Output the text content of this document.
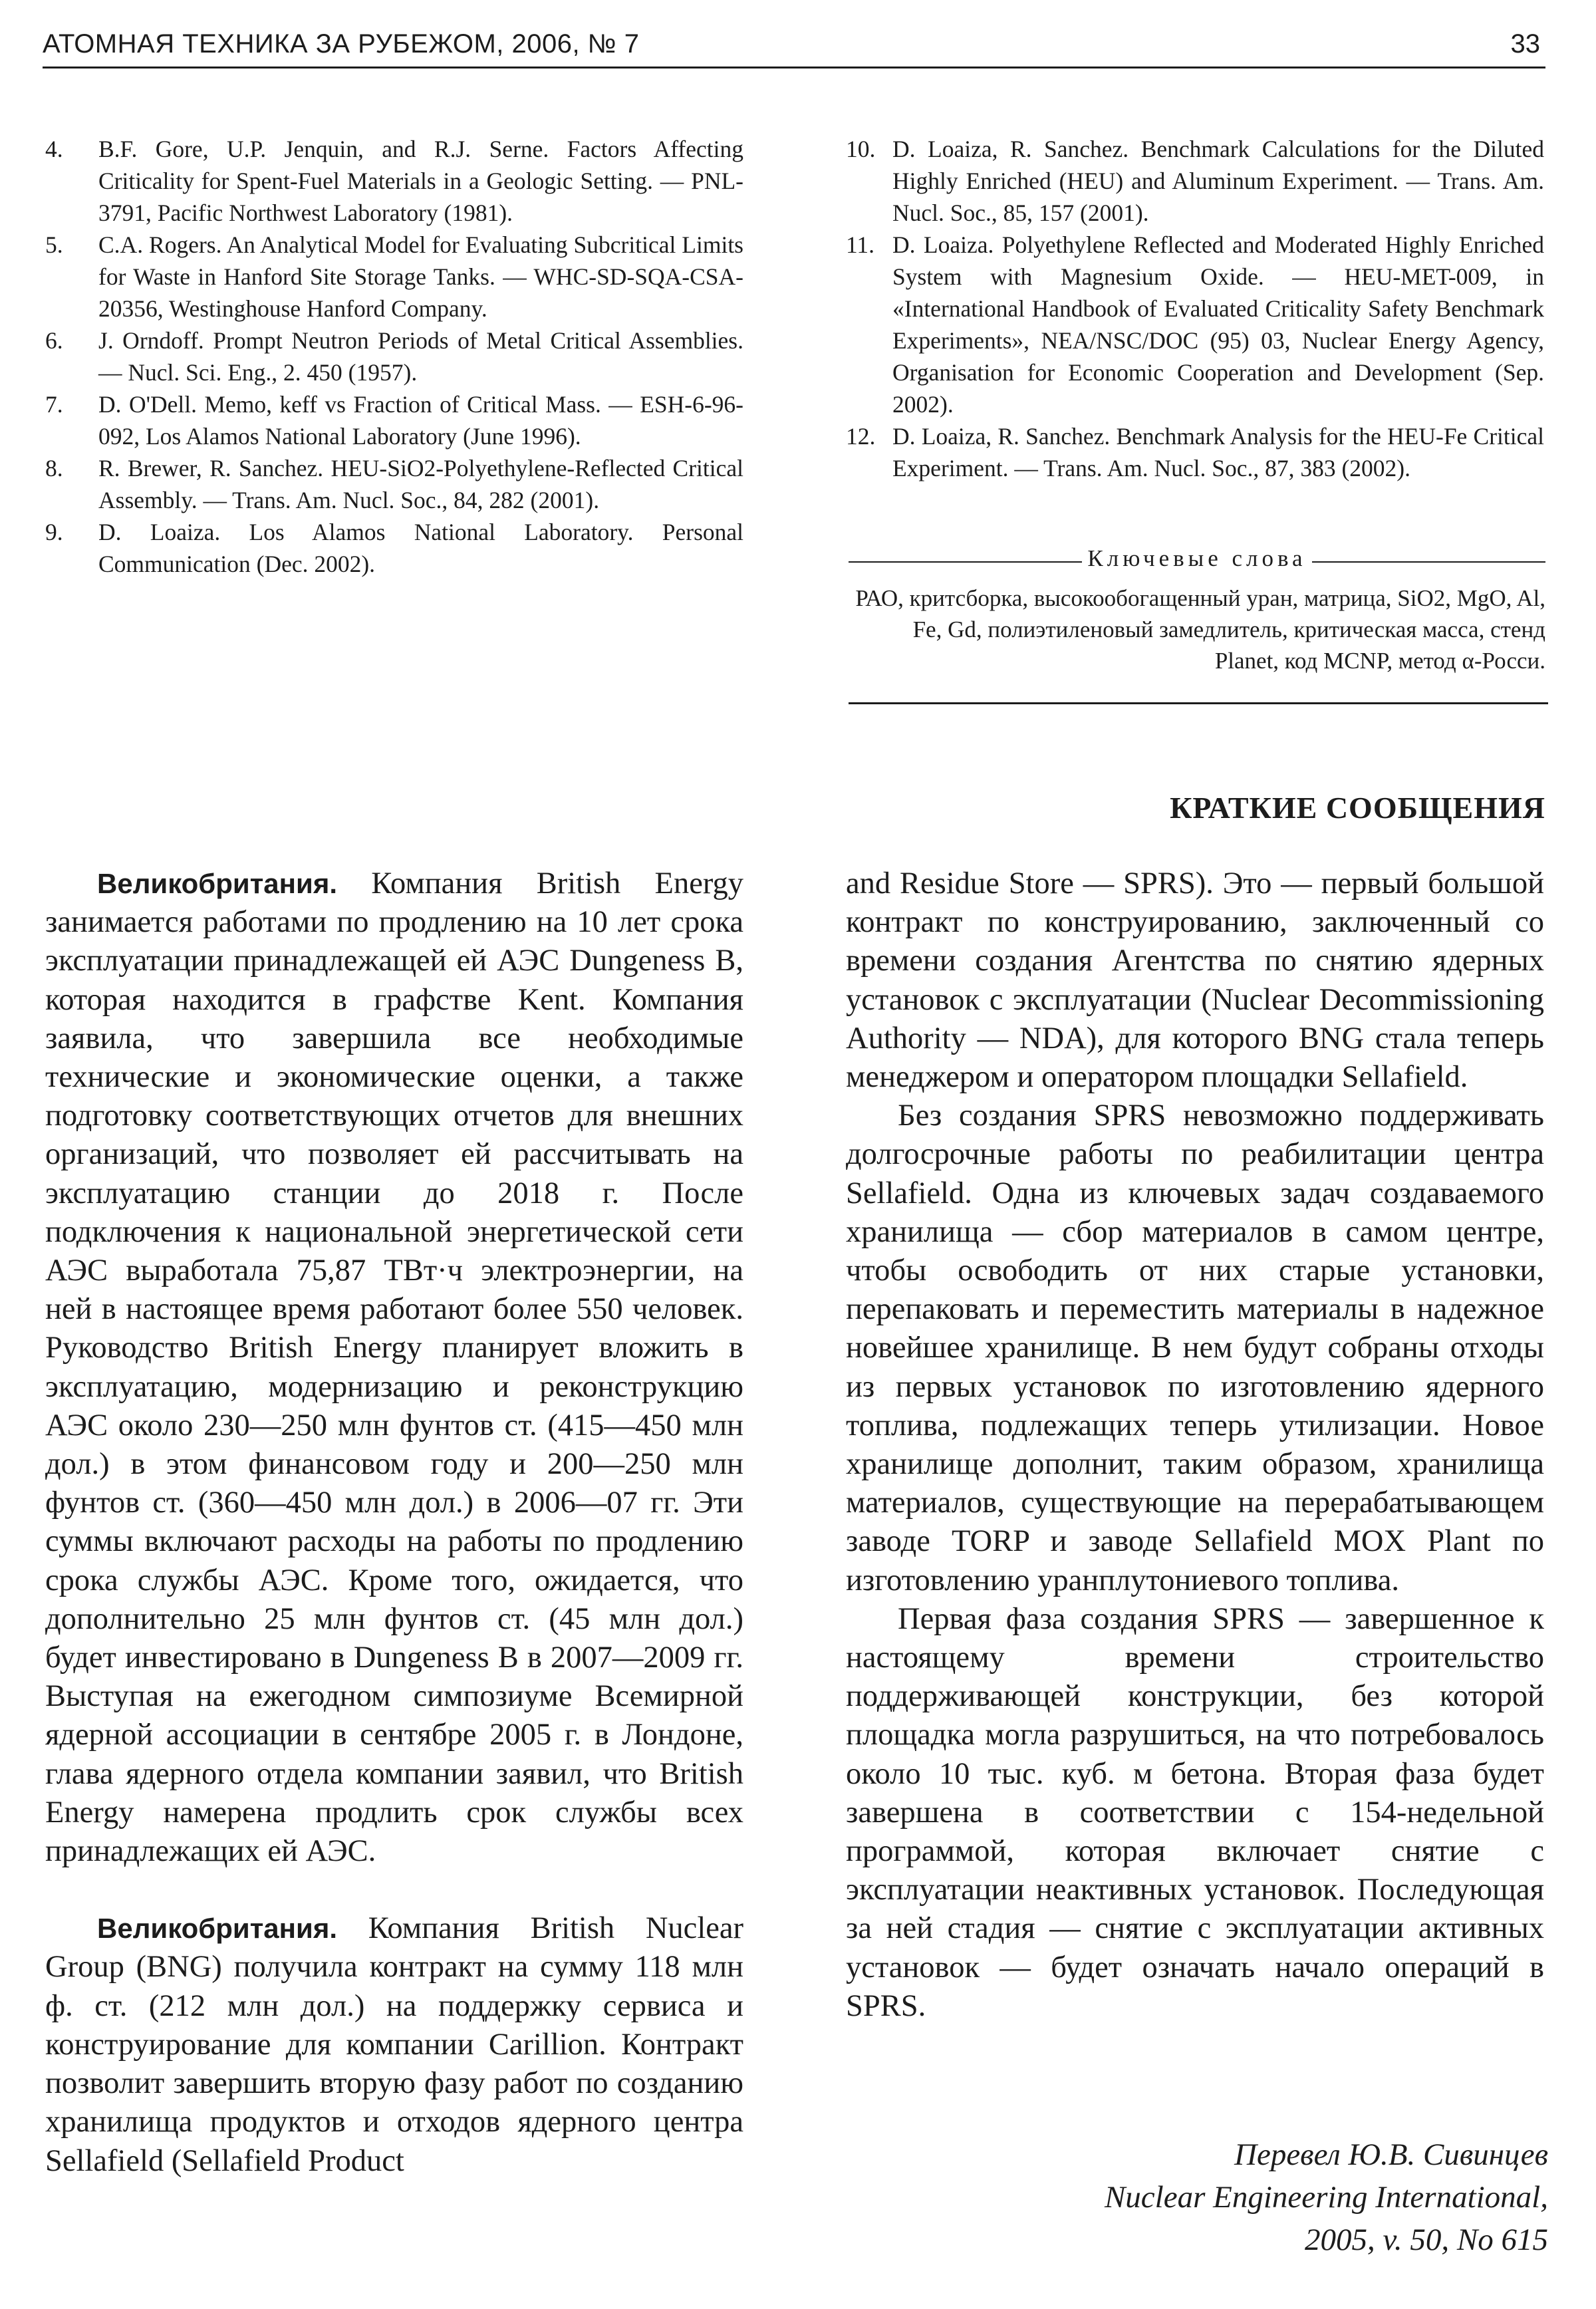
АТОМНАЯ ТЕХНИКА ЗА РУБЕЖОМ, 2006, № 7	33
4.	B.F. Gore, U.P. Jenquin, and R.J. Serne. Factors Affecting Criticality for Spent-Fuel Materials in a Geologic Setting. — PNL-3791, Pacific Northwest Laboratory (1981).
5.	C.A. Rogers. An Analytical Model for Evaluating Subcritical Limits for Waste in Hanford Site Storage Tanks. — WHC-SD-SQA-CSA-20356, Westinghouse Hanford Company.
6.	J. Orndoff. Prompt Neutron Periods of Metal Critical Assemblies. — Nucl. Sci. Eng., 2. 450 (1957).
7.	D. O'Dell. Memo, keff vs Fraction of Critical Mass. — ESH-6-96-092, Los Alamos National Laboratory (June 1996).
8.	R. Brewer, R. Sanchez. HEU-SiO2-Polyethylene-Reflected Critical Assembly. — Trans. Am. Nucl. Soc., 84, 282 (2001).
9.	D. Loaiza. Los Alamos National Laboratory. Personal Communication (Dec. 2002).
10. D. Loaiza, R. Sanchez. Benchmark Calculations for the Diluted Highly Enriched (HEU) and Aluminum Experiment. — Trans. Am. Nucl. Soc., 85, 157 (2001).
11. D. Loaiza. Polyethylene Reflected and Moderated Highly Enriched System with Magnesium Oxide. — HEU-MET-009, in «International Handbook of Evaluated Criticality Safety Benchmark Experiments», NEA/NSC/DOC (95) 03, Nuclear Energy Agency, Organisation for Economic Cooperation and Development (Sep. 2002).
12. D. Loaiza, R. Sanchez. Benchmark Analysis for the HEU-Fe Critical Experiment. — Trans. Am. Nucl. Soc., 87, 383 (2002).
Ключевые слова
РАО, критсборка, высокообогащенный уран, матрица, SiO2, MgO, Al, Fe, Gd, полиэтиленовый замедлитель, критическая масса, стенд Planet, код MCNP, метод α-Росси.
КРАТКИЕ СООБЩЕНИЯ

Великобритания. Компания British Energy занимается работами по продлению на 10 лет срока эксплуатации принадлежащей ей АЭС Dungeness B, которая находится в графстве Kent. Компания заявила, что завершила все необходимые технические и экономические оценки, а также подготовку соответствующих отчетов для внешних организаций, что позволяет ей рассчитывать на эксплуатацию станции до 2018 г. После подключения к национальной энергетической сети АЭС выработала 75,87 ТВт·ч электроэнергии, на ней в настоящее время работают более 550 человек. Руководство British Energy планирует вложить в эксплуатацию, модернизацию и реконструкцию АЭС около 230—250 млн фунтов ст. (415—450 млн дол.) в этом финансовом году и 200—250 млн фунтов ст. (360—450 млн дол.) в 2006—07 гг. Эти суммы включают расходы на работы по продлению срока службы АЭС. Кроме того, ожидается, что дополнительно 25 млн фунтов ст. (45 млн дол.) будет инвестировано в Dungeness B в 2007—2009 гг. Выступая на ежегодном симпозиуме Всемирной ядерной ассоциации в сентябре 2005 г. в Лондоне, глава ядерного отдела компании заявил, что British Energy намерена продлить срок службы всех принадлежащих ей АЭС.

Великобритания. Компания British Nuclear Group (BNG) получила контракт на сумму 118 млн ф. ст. (212 млн дол.) на поддержку сервиса и конструирование для компании Carillion. Контракт позволит завершить вторую фазу работ по созданию хранилища продуктов и отходов ядерного центра Sellafield (Sellafield Product

and Residue Store — SPRS). Это — первый большой контракт по конструированию, заключенный со времени создания Агентства по снятию ядерных установок с эксплуатации (Nuclear Decommissioning Authority — NDA), для которого BNG стала теперь менеджером и оператором площадки Sellafield.

Без создания SPRS невозможно поддерживать долгосрочные работы по реабилитации центра Sellafield. Одна из ключевых задач создаваемого хранилища — сбор материалов в самом центре, чтобы освободить от них старые установки, перепаковать и переместить материалы в надежное новейшее хранилище. В нем будут собраны отходы из первых установок по изготовлению ядерного топлива, подлежащих теперь утилизации. Новое хранилище дополнит, таким образом, хранилища материалов, существующие на перерабатывающем заводе TORP и заводе Sellafield MOX Plant по изготовлению уранплутониевого топлива.

Первая фаза создания SPRS — завершенное к настоящему времени строительство поддерживающей конструкции, без которой площадка могла разрушиться, на что потребовалось около 10 тыс. куб. м бетона. Вторая фаза будет завершена в соответствии с 154-недельной программой, которая включает снятие с эксплуатации неактивных установок. Последующая за ней стадия — снятие с эксплуатации активных установок — будет означать начало операций в SPRS.

Перевел Ю.В. Сивинцев
Nuclear Engineering International,
2005, v. 50, No 615
